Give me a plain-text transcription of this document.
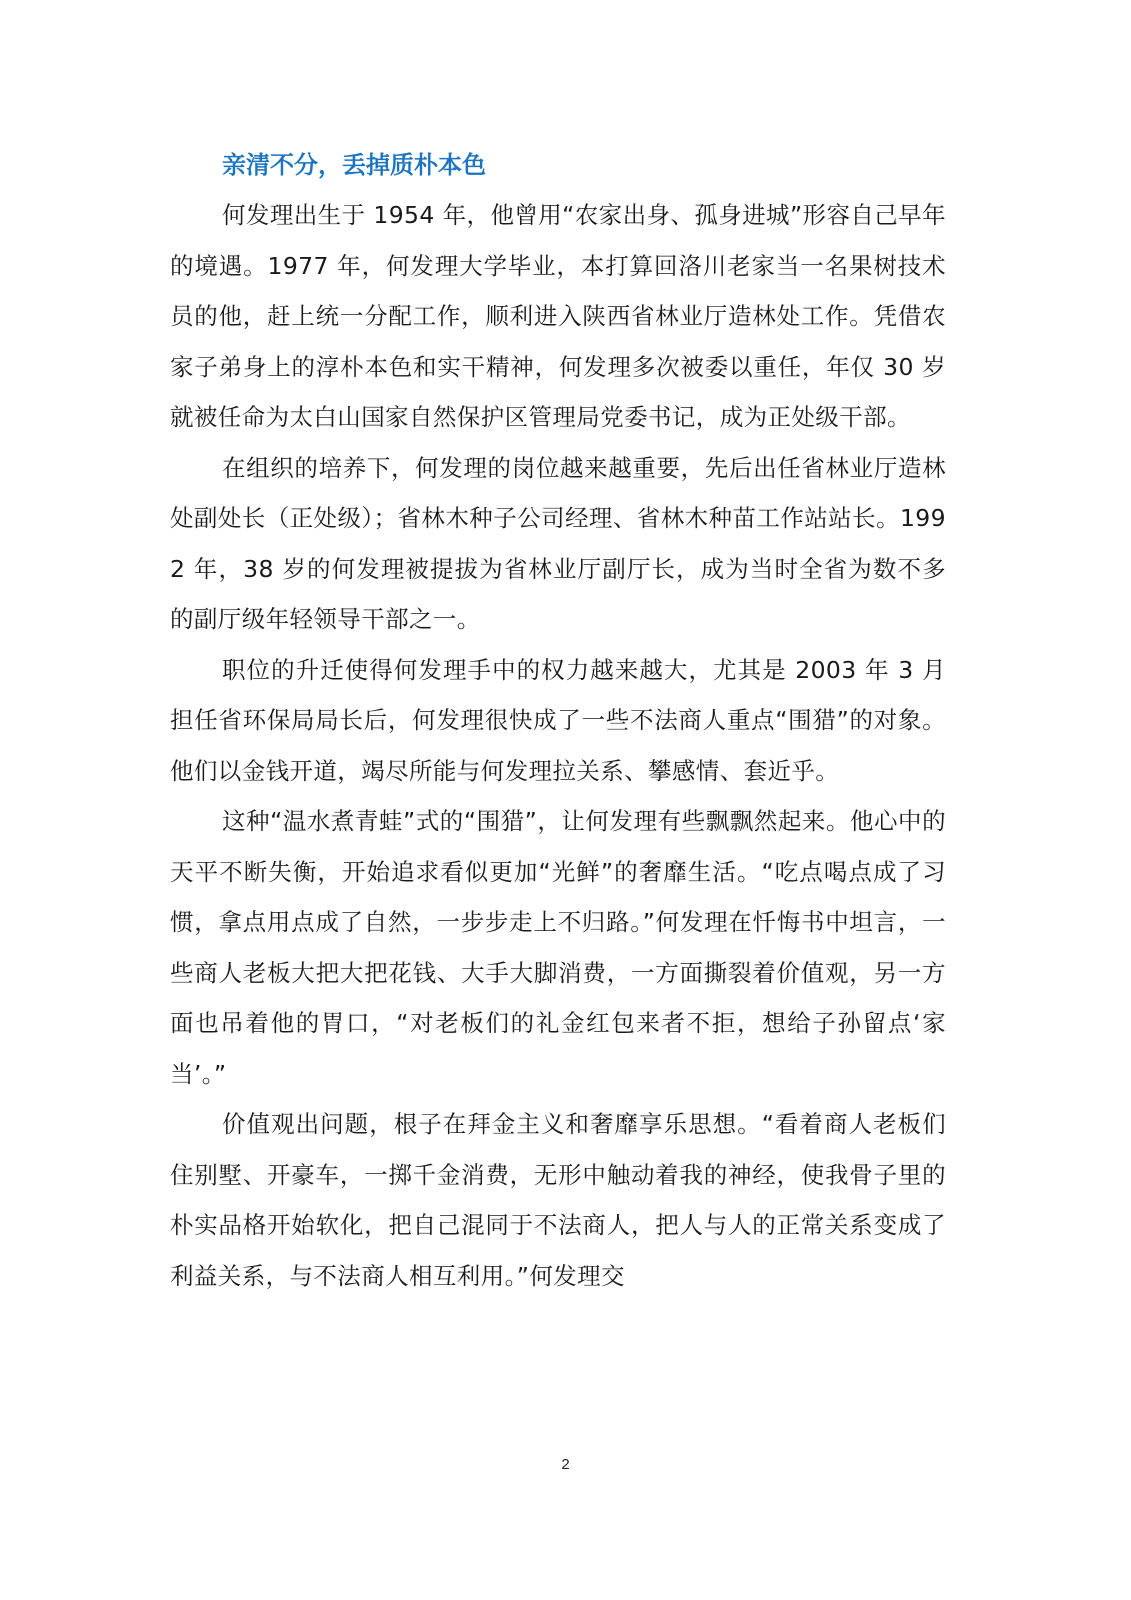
亲清不分，丢掉质朴本色

何发理出生于 1954 年，他曾用“农家出身、孤身进城”形容自己早年的境遇。1977 年，何发理大学毕业，本打算回洛川老家当一名果树技术员的他，赶上统一分配工作，顺利进入陕西省林业厅造林处工作。凭借农家子弟身上的淳朴本色和实干精神，何发理多次被委以重任，年仅 30 岁就被任命为太白山国家自然保护区管理局党委书记，成为正处级干部。

在组织的培养下，何发理的岗位越来越重要，先后出任省林业厅造林处副处长（正处级）；省林木种子公司经理、省林木种苗工作站站长。1992 年，38 岁的何发理被提拔为省林业厅副厅长，成为当时全省为数不多的副厅级年轻领导干部之一。

职位的升迁使得何发理手中的权力越来越大，尤其是 2003 年 3 月担任省环保局局长后，何发理很快成了一些不法商人重点“围猎”的对象。他们以金钱开道，竭尽所能与何发理拉关系、攀感情、套近乎。

这种“温水煮青蛙”式的“围猎”，让何发理有些飘飘然起来。他心中的天平不断失衡，开始追求看似更加“光鲜”的奢靡生活。“吃点喝点成了习惯，拿点用点成了自然，一步步走上不归路。”何发理在忏悔书中坦言，一些商人老板大把大把花钱、大手大脚消费，一方面撕裂着价值观，另一方面也吊着他的胃口，“对老板们的礼金红包来者不拒，想给子孙留点‘家当’。”

价值观出问题，根子在拜金主义和奢靡享乐思想。“看着商人老板们住别墅、开豪车，一掷千金消费，无形中触动着我的神经，使我骨子里的朴实品格开始软化，把自己混同于不法商人，把人与人的正常关系变成了利益关系，与不法商人相互利用。”何发理交

2
